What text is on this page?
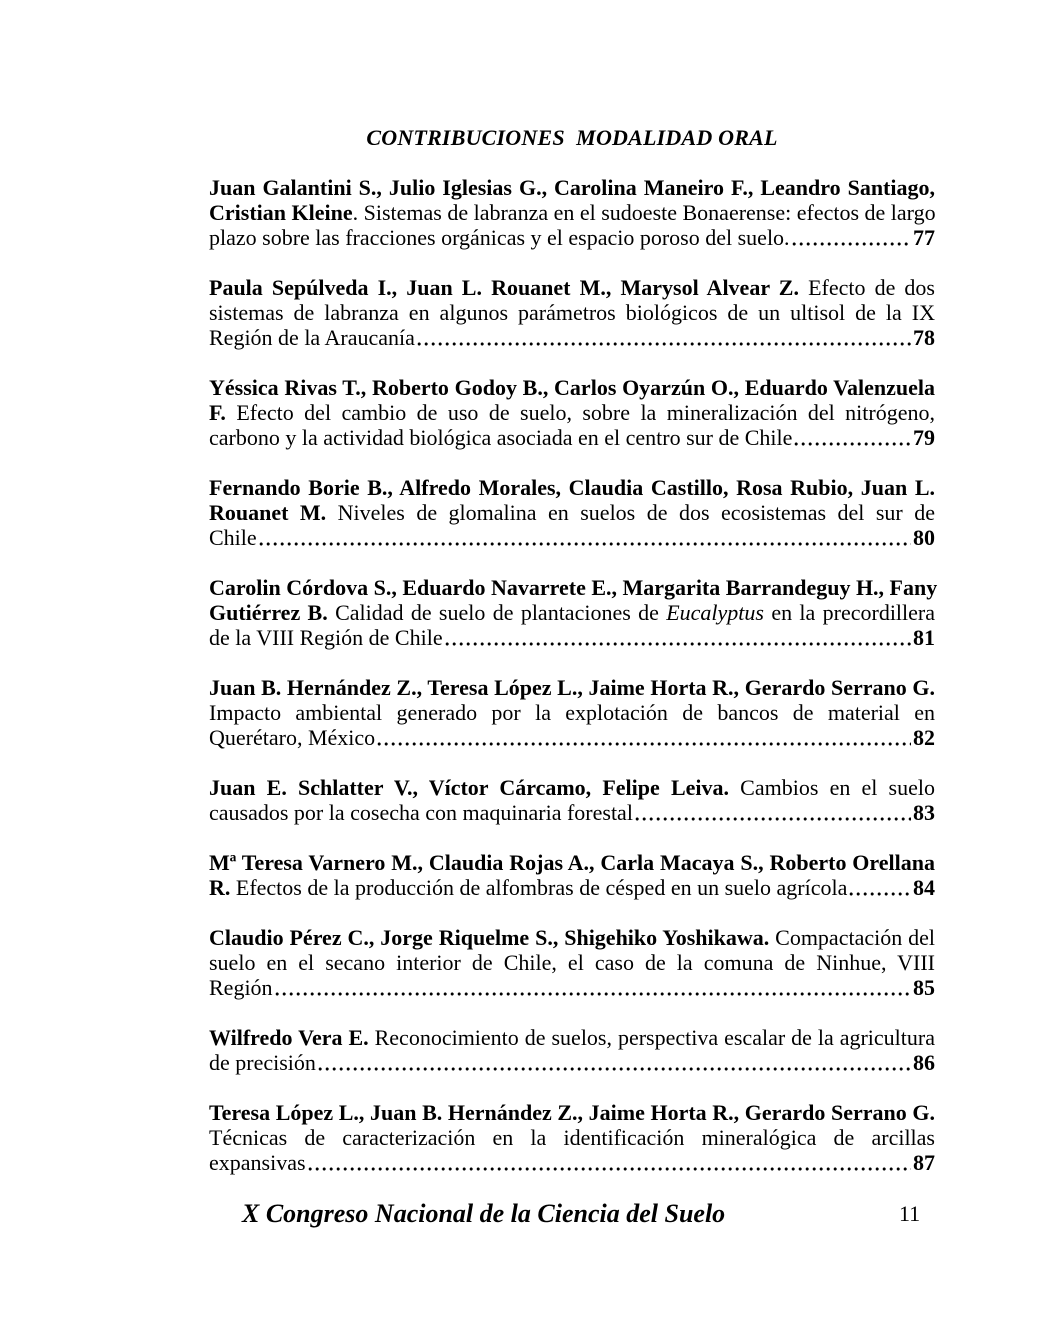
CONTRIBUCIONES  MODALIDAD ORAL
Juan Galantini S., Julio Iglesias G., Carolina Maneiro F., Leandro Santiago,
Cristian Kleine. Sistemas de labranza en el sudoeste Bonaerense: efectos de largo
plazo sobre las fracciones orgánicas y el espacio poroso del suelo.	77
Paula Sepúlveda I., Juan L. Rouanet M., Marysol Alvear Z. Efecto de dos
sistemas de labranza en algunos parámetros biológicos de un ultisol de la IX
Región de la Araucanía	78
Yéssica Rivas T., Roberto Godoy B., Carlos Oyarzún O., Eduardo Valenzuela
F. Efecto del cambio de uso de suelo, sobre la mineralización del nitrógeno,
carbono y la actividad biológica asociada en el centro sur de Chile	79
Fernando Borie B., Alfredo Morales, Claudia Castillo, Rosa Rubio, Juan L.
Rouanet M. Niveles de glomalina en suelos de dos ecosistemas del sur de
Chile	80
Carolin Córdova S., Eduardo Navarrete E., Margarita Barrandeguy H., Fany
Gutiérrez B. Calidad de suelo de plantaciones de Eucalyptus en la precordillera
de la VIII Región de Chile	81
Juan B. Hernández Z., Teresa López L., Jaime Horta R., Gerardo Serrano G.
Impacto ambiental generado por la explotación de bancos de material en
Querétaro, México	82
Juan E. Schlatter V., Víctor Cárcamo, Felipe Leiva. Cambios en el suelo
causados por la cosecha con maquinaria forestal	83
Mª Teresa Varnero M., Claudia Rojas A., Carla Macaya S., Roberto Orellana
R. Efectos de la producción de alfombras de césped en un suelo agrícola	84
Claudio Pérez C., Jorge Riquelme S., Shigehiko Yoshikawa. Compactación del
suelo en el secano interior de Chile, el caso de la comuna de Ninhue, VIII
Región	85
Wilfredo Vera E. Reconocimiento de suelos, perspectiva escalar de la agricultura
de precisión	86
Teresa López L., Juan B. Hernández Z., Jaime Horta R., Gerardo Serrano G.
Técnicas de caracterización en la identificación mineralógica de arcillas
expansivas	87
X Congreso Nacional de la Ciencia del Suelo	11
